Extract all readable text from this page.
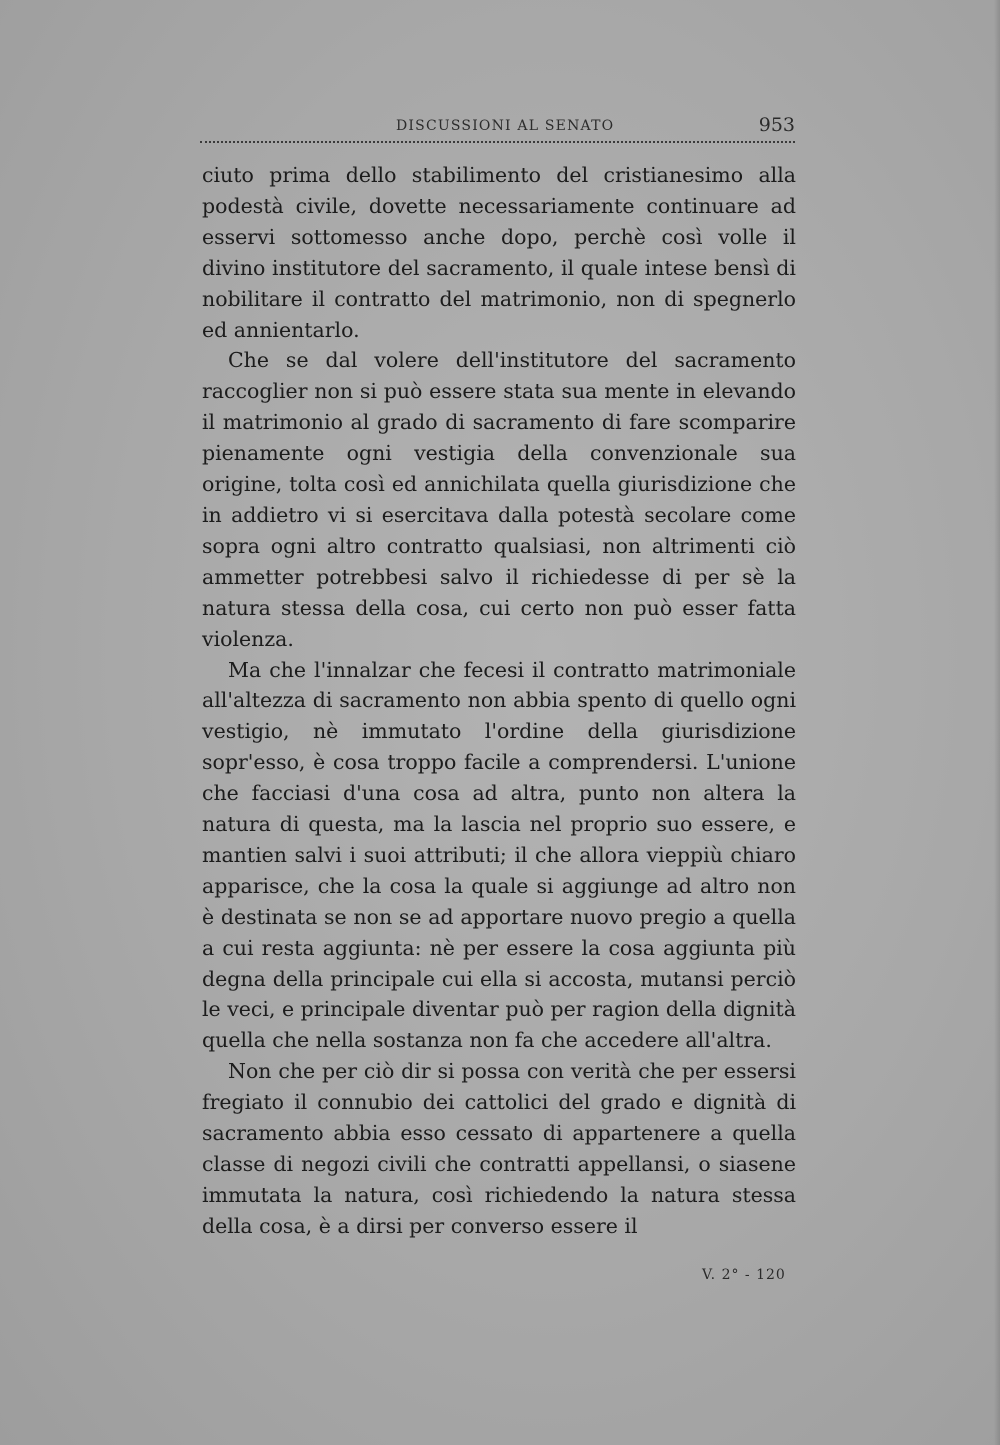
DISCUSSIONI AL SENATO	953

ciuto prima dello stabilimento del cristianesimo alla podestà civile, dovette necessariamente continuare ad esservi sottomesso anche dopo, perchè così volle il divino institutore del sacramento, il quale intese bensì di nobilitare il contratto del matrimonio, non di spegnerlo ed annientarlo.

Che se dal volere dell'institutore del sacramento raccoglier non si può essere stata sua mente in elevando il matrimonio al grado di sacramento di fare scomparire pienamente ogni vestigia della convenzionale sua origine, tolta così ed annichilata quella giurisdizione che in addietro vi si esercitava dalla potestà secolare come sopra ogni altro contratto qualsiasi, non altrimenti ciò ammetter potrebbesi salvo il richiedesse di per sè la natura stessa della cosa, cui certo non può esser fatta violenza.

Ma che l'innalzar che fecesi il contratto matrimoniale all'altezza di sacramento non abbia spento di quello ogni vestigio, nè immutato l'ordine della giurisdizione sopr'esso, è cosa troppo facile a comprendersi. L'unione che facciasi d'una cosa ad altra, punto non altera la natura di questa, ma la lascia nel proprio suo essere, e mantien salvi i suoi attributi; il che allora vieppiù chiaro apparisce, che la cosa la quale si aggiunge ad altro non è destinata se non se ad apportare nuovo pregio a quella a cui resta aggiunta: nè per essere la cosa aggiunta più degna della principale cui ella si accosta, mutansi perciò le veci, e principale diventar può per ragion della dignità quella che nella sostanza non fa che accedere all'altra.

Non che per ciò dir si possa con verità che per essersi fregiato il connubio dei cattolici del grado e dignità di sacramento abbia esso cessato di appartenere a quella classe di negozi civili che contratti appellansi, o siasene immutata la natura, così richiedendo la natura stessa della cosa, è a dirsi per converso essere il

V. 2° - 120
